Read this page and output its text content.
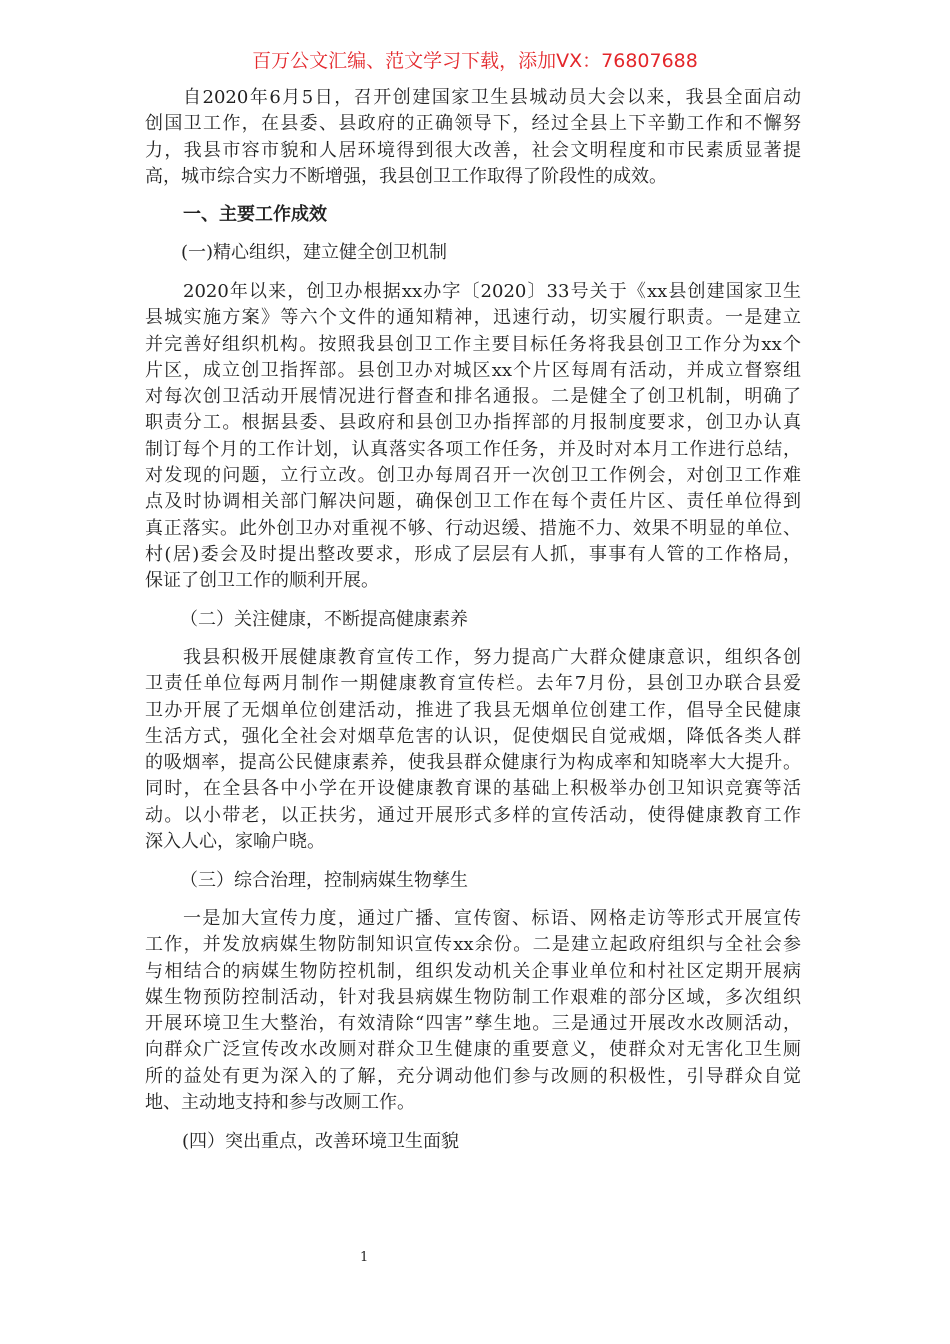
百万公文汇编、范文学习下载，添加VX：76807688
自2020年6月5日，召开创建国家卫生县城动员大会以来，我县全面启动
创国卫工作，在县委、县政府的正确领导下，经过全县上下辛勤工作和不懈努
力，我县市容市貌和人居环境得到很大改善，社会文明程度和市民素质显著提
高，城市综合实力不断增强，我县创卫工作取得了阶段性的成效。
一、主要工作成效
(一)精心组织，建立健全创卫机制
2020年以来，创卫办根据xx办字〔2020〕33号关于《xx县创建国家卫生
县城实施方案》等六个文件的通知精神，迅速行动，切实履行职责。一是建立
并完善好组织机构。按照我县创卫工作主要目标任务将我县创卫工作分为xx个
片区，成立创卫指挥部。县创卫办对城区xx个片区每周有活动，并成立督察组
对每次创卫活动开展情况进行督查和排名通报。二是健全了创卫机制，明确了
职责分工。根据县委、县政府和县创卫办指挥部的月报制度要求，创卫办认真
制订每个月的工作计划，认真落实各项工作任务，并及时对本月工作进行总结，
对发现的问题，立行立改。创卫办每周召开一次创卫工作例会，对创卫工作难
点及时协调相关部门解决问题，确保创卫工作在每个责任片区、责任单位得到
真正落实。此外创卫办对重视不够、行动迟缓、措施不力、效果不明显的单位、
村(居)委会及时提出整改要求，形成了层层有人抓，事事有人管的工作格局，
保证了创卫工作的顺利开展。
（二）关注健康，不断提高健康素养
我县积极开展健康教育宣传工作，努力提高广大群众健康意识，组织各创
卫责任单位每两月制作一期健康教育宣传栏。去年7月份，县创卫办联合县爱
卫办开展了无烟单位创建活动，推进了我县无烟单位创建工作，倡导全民健康
生活方式，强化全社会对烟草危害的认识，促使烟民自觉戒烟，降低各类人群
的吸烟率，提高公民健康素养，使我县群众健康行为构成率和知晓率大大提升。
同时，在全县各中小学在开设健康教育课的基础上积极举办创卫知识竞赛等活
动。以小带老，以正扶劣，通过开展形式多样的宣传活动，使得健康教育工作
深入人心，家喻户晓。
（三）综合治理，控制病媒生物孳生
一是加大宣传力度，通过广播、宣传窗、标语、网格走访等形式开展宣传
工作，并发放病媒生物防制知识宣传xx余份。二是建立起政府组织与全社会参
与相结合的病媒生物防控机制，组织发动机关企事业单位和村社区定期开展病
媒生物预防控制活动，针对我县病媒生物防制工作艰难的部分区域，多次组织
开展环境卫生大整治，有效清除“四害”孳生地。三是通过开展改水改厕活动，
向群众广泛宣传改水改厕对群众卫生健康的重要意义，使群众对无害化卫生厕
所的益处有更为深入的了解，充分调动他们参与改厕的积极性，引导群众自觉
地、主动地支持和参与改厕工作。
(四）突出重点，改善环境卫生面貌
1
